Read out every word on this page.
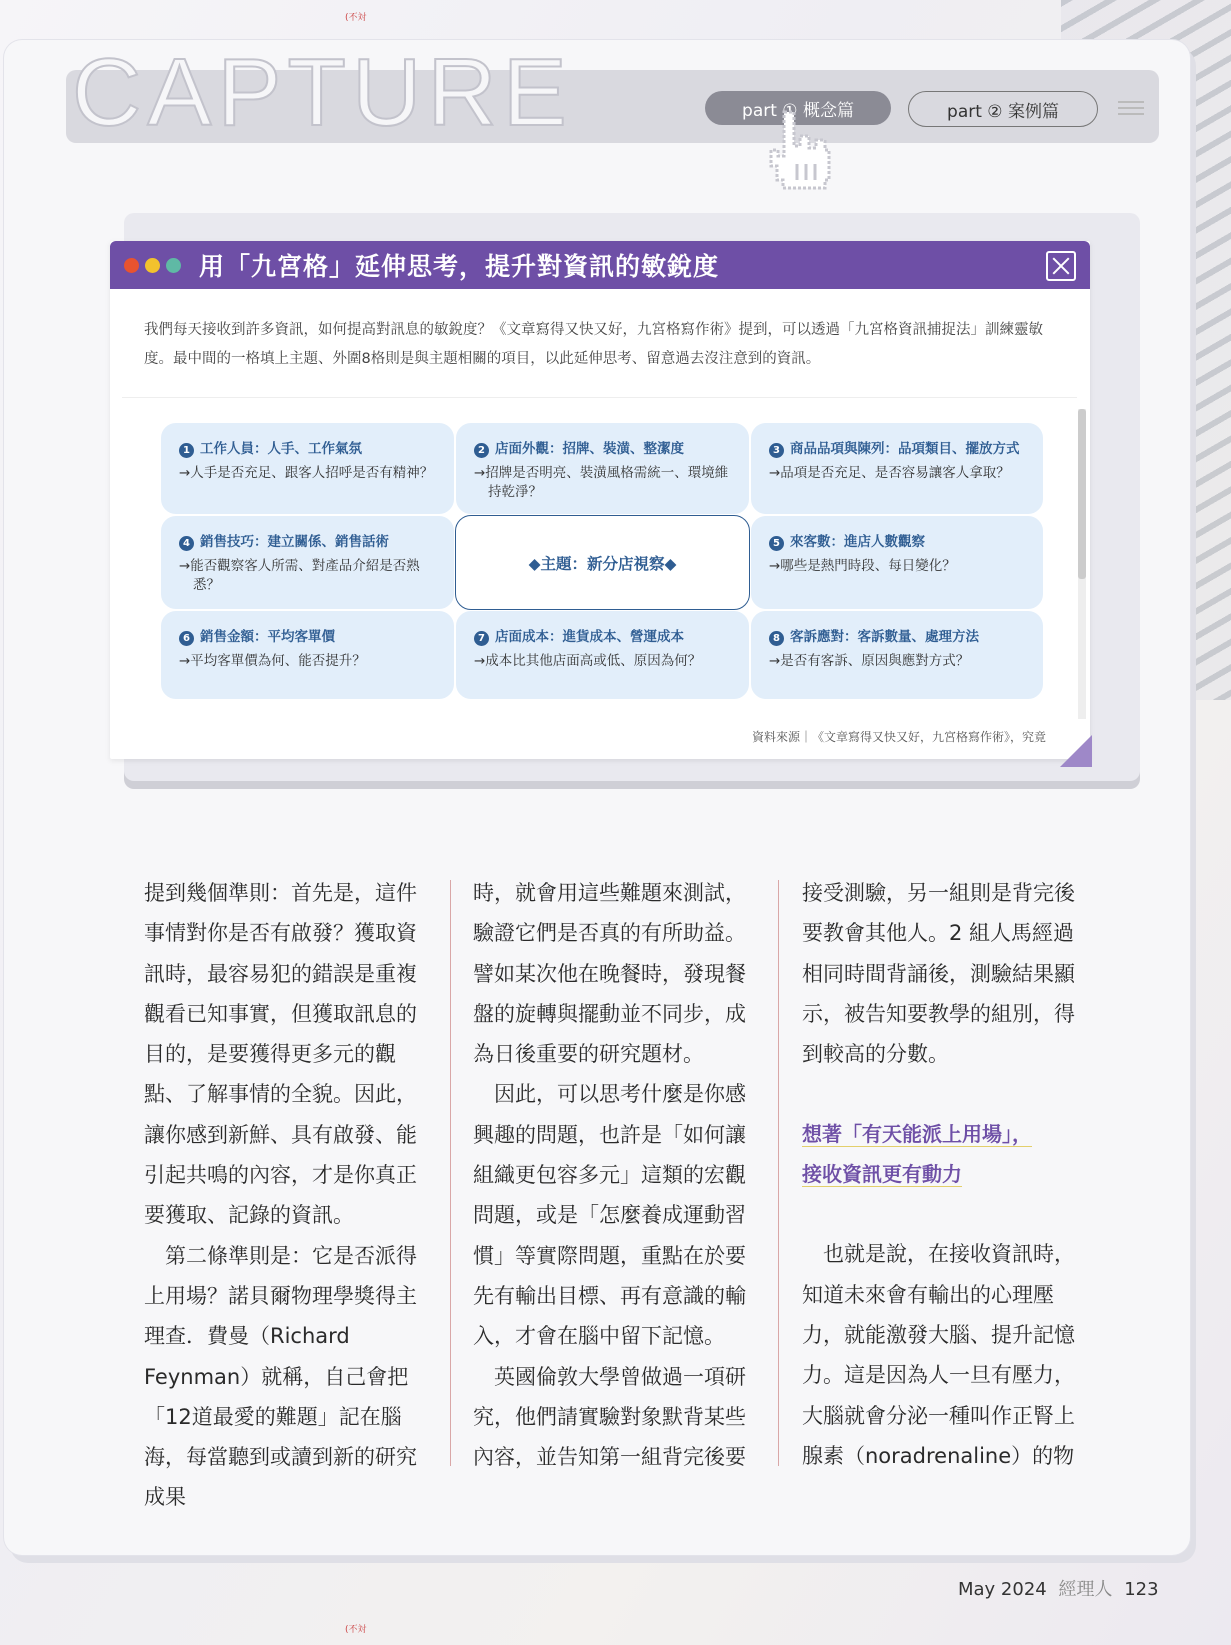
(不対
CAPTURE	part ① 概念篇	part ② 案例篇
用「九宮格」延伸思考，提升對資訊的敏銳度
我們每天接收到許多資訊，如何提高對訊息的敏銳度？《文章寫得又快又好，九宮格寫作術》提到，可以透過「九宮格資訊捕捉法」訓練靈敏度。最中間的一格填上主題、外圍8格則是與主題相關的項目，以此延伸思考、留意過去沒注意到的資訊。
1 工作人員：人手、工作氣氛
→人手是否充足、跟客人招呼是否有精神？
2 店面外觀：招牌、裝潢、整潔度
→招牌是否明亮、裝潢風格需統一、環境維持乾淨？
3 商品品項與陳列：品項類目、擺放方式
→品項是否充足、是否容易讓客人拿取？
4 銷售技巧：建立關係、銷售話術
→能否觀察客人所需、對產品介紹是否熟悉？
◆主題：新分店視察◆
5 來客數：進店人數觀察
→哪些是熱門時段、每日變化？
6 銷售金額：平均客單價
→平均客單價為何、能否提升？
7 店面成本：進貨成本、營運成本
→成本比其他店面高或低、原因為何？
8 客訴應對：客訴數量、處理方法
→是否有客訴、原因與應對方式？
資料來源｜《文章寫得又快又好，九宮格寫作術》，究竟

提到幾個準則：首先是，這件事情對你是否有啟發？獲取資訊時，最容易犯的錯誤是重複觀看已知事實，但獲取訊息的目的，是要獲得更多元的觀點、了解事情的全貌。因此，讓你感到新鮮、具有啟發、能引起共鳴的內容，才是你真正要獲取、記錄的資訊。

　第二條準則是：它是否派得上用場？諾貝爾物理學獎得主理查．費曼（Richard Feynman）就稱，自己會把「12道最愛的難題」記在腦海，每當聽到或讀到新的研究成果

時，就會用這些難題來測試，驗證它們是否真的有所助益。譬如某次他在晚餐時，發現餐盤的旋轉與擺動並不同步，成為日後重要的研究題材。

　因此，可以思考什麼是你感興趣的問題，也許是「如何讓組織更包容多元」這類的宏觀問題，或是「怎麼養成運動習慣」等實際問題，重點在於要先有輸出目標、再有意識的輸入，才會在腦中留下記憶。

　英國倫敦大學曾做過一項研究，他們請實驗對象默背某些內容，並告知第一組背完後要

接受測驗，另一組則是背完後要教會其他人。2 組人馬經過相同時間背誦後，測驗結果顯示，被告知要教學的組別，得到較高的分數。

想著「有天能派上用場」，
接收資訊更有動力

　也就是說，在接收資訊時，知道未來會有輸出的心理壓力，就能激發大腦、提升記憶力。這是因為人一旦有壓力，大腦就會分泌一種叫作正腎上腺素（noradrenaline）的物

May 2024 經理人 123
(不対
